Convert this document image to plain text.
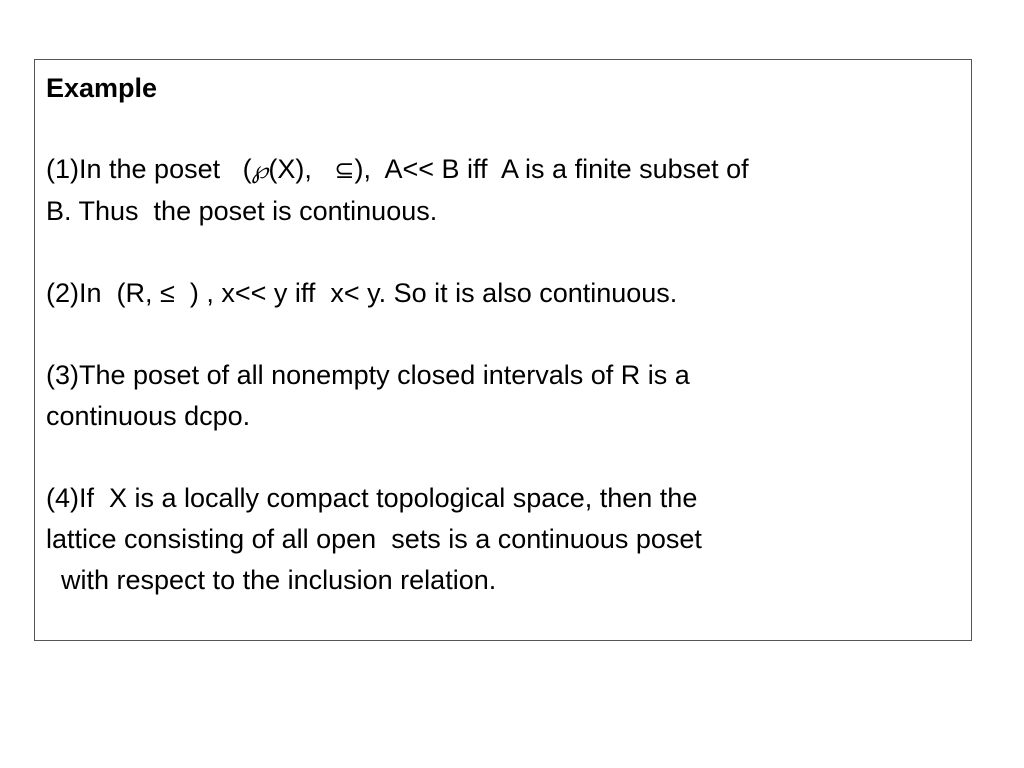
Example

(1)In the poset   (℘(X),   ⊆),  A<< B iff  A is a finite subset of

B. Thus  the poset is continuous.

(2)In  (R, ≤  ) , x<< y iff  x< y. So it is also continuous.

(3)The poset of all nonempty closed intervals of R is a

continuous dcpo.

(4)If  X is a locally compact topological space, then the

lattice consisting of all open  sets is a continuous poset

with respect to the inclusion relation.
